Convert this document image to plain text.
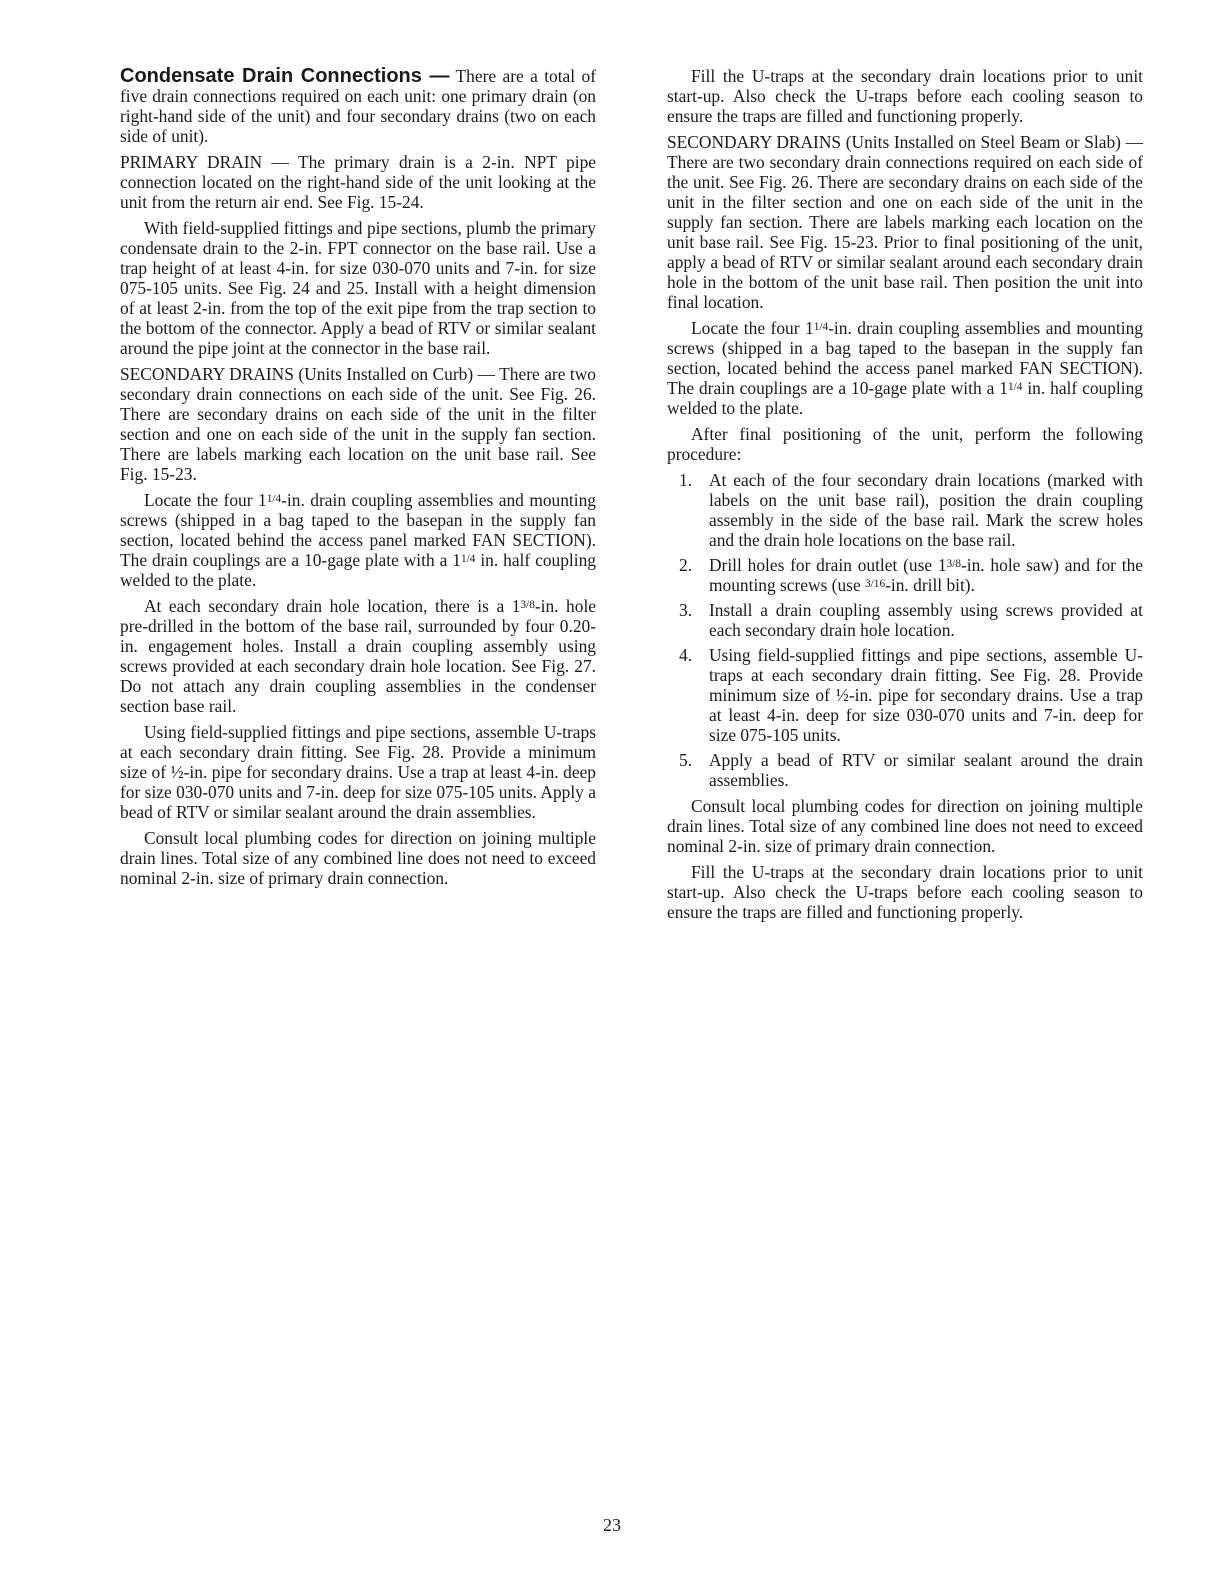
Condensate Drain Connections — There are a total of five drain connections required on each unit: one primary drain (on right-hand side of the unit) and four secondary drains (two on each side of unit).

PRIMARY DRAIN — The primary drain is a 2-in. NPT pipe connection located on the right-hand side of the unit looking at the unit from the return air end. See Fig. 15-24.

With field-supplied fittings and pipe sections, plumb the primary condensate drain to the 2-in. FPT connector on the base rail. Use a trap height of at least 4-in. for size 030-070 units and 7-in. for size 075-105 units. See Fig. 24 and 25. Install with a height dimension of at least 2-in. from the top of the exit pipe from the trap section to the bottom of the connector. Apply a bead of RTV or similar sealant around the pipe joint at the connector in the base rail.

SECONDARY DRAINS (Units Installed on Curb) — There are two secondary drain connections on each side of the unit. See Fig. 26. There are secondary drains on each side of the unit in the filter section and one on each side of the unit in the supply fan section. There are labels marking each location on the unit base rail. See Fig. 15-23.

Locate the four $1^{1/4}-in$. drain coupling assemblies and mounting screws (shipped in a bag taped to the basepan in the supply fan section, located behind the access panel marked FAN SECTION). The drain couplings are a 10-gage plate with a $1^{1/4}$ in. half coupling welded to the plate.

At each secondary drain hole location, there is a $1^{3/8}-in$. hole pre-drilled in the bottom of the base rail, surrounded by four 0.20-in. engagement holes. Install a drain coupling assembly using screws provided at each secondary drain hole location. See Fig. 27. Do not attach any drain coupling assemblies in the condenser section base rail.

Using field-supplied fittings and pipe sections, assemble U-traps at each secondary drain fitting. See Fig. 28. Provide a minimum size of ½-in. pipe for secondary drains. Use a trap at least 4-in. deep for size 030-070 units and 7-in. deep for size 075-105 units. Apply a bead of RTV or similar sealant around the drain assemblies.

Consult local plumbing codes for direction on joining multiple drain lines. Total size of any combined line does not need to exceed nominal 2-in. size of primary drain connection.

Fill the U-traps at the secondary drain locations prior to unit start-up. Also check the U-traps before each cooling season to ensure the traps are filled and functioning properly.

SECONDARY DRAINS (Units Installed on Steel Beam or Slab) — There are two secondary drain connections required on each side of the unit. See Fig. 26. There are secondary drains on each side of the unit in the filter section and one on each side of the unit in the supply fan section. There are labels marking each location on the unit base rail. See Fig. 15-23. Prior to final positioning of the unit, apply a bead of RTV or similar sealant around each secondary drain hole in the bottom of the unit base rail. Then position the unit into final location.

Locate the four $1^{1/4}-in$. drain coupling assemblies and mounting screws (shipped in a bag taped to the basepan in the supply fan section, located behind the access panel marked FAN SECTION). The drain couplings are a 10-gage plate with a $1^{1/4}$ in. half coupling welded to the plate.

After final positioning of the unit, perform the following procedure:

1. At each of the four secondary drain locations (marked with labels on the unit base rail), position the drain coupling assembly in the side of the base rail. Mark the screw holes and the drain hole locations on the base rail.
2. Drill holes for drain outlet (use $1^{3/8}-in$. hole saw) and for the mounting screws (use $^{3/16}$-in. drill bit).
3. Install a drain coupling assembly using screws provided at each secondary drain hole location.
4. Using field-supplied fittings and pipe sections, assemble U-traps at each secondary drain fitting. See Fig. 28. Provide minimum size of ½-in. pipe for secondary drains. Use a trap at least 4-in. deep for size 030-070 units and 7-in. deep for size 075-105 units.
5. Apply a bead of RTV or similar sealant around the drain assemblies.

Consult local plumbing codes for direction on joining multiple drain lines. Total size of any combined line does not need to exceed nominal 2-in. size of primary drain connection.

Fill the U-traps at the secondary drain locations prior to unit start-up. Also check the U-traps before each cooling season to ensure the traps are filled and functioning properly.

23
